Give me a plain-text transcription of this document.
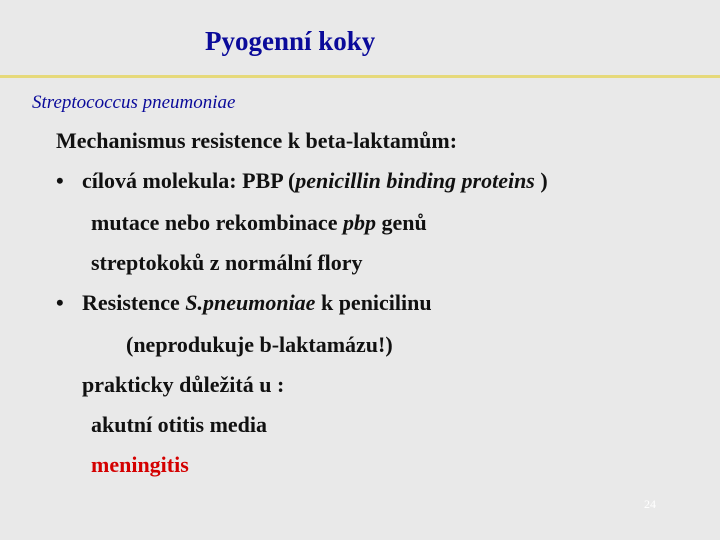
Pyogenní koky
Streptococcus pneumoniae
Mechanismus resistence k beta-laktamům:
• cílová molekula: PBP (penicillin binding proteins )
mutace nebo rekombinace pbp genů
streptokoků z normální flory
• Resistence S.pneumoniae k penicilinu
(neprodukuje b-laktamázu!)
prakticky důležitá u :
akutní otitis media
meningitis
24
